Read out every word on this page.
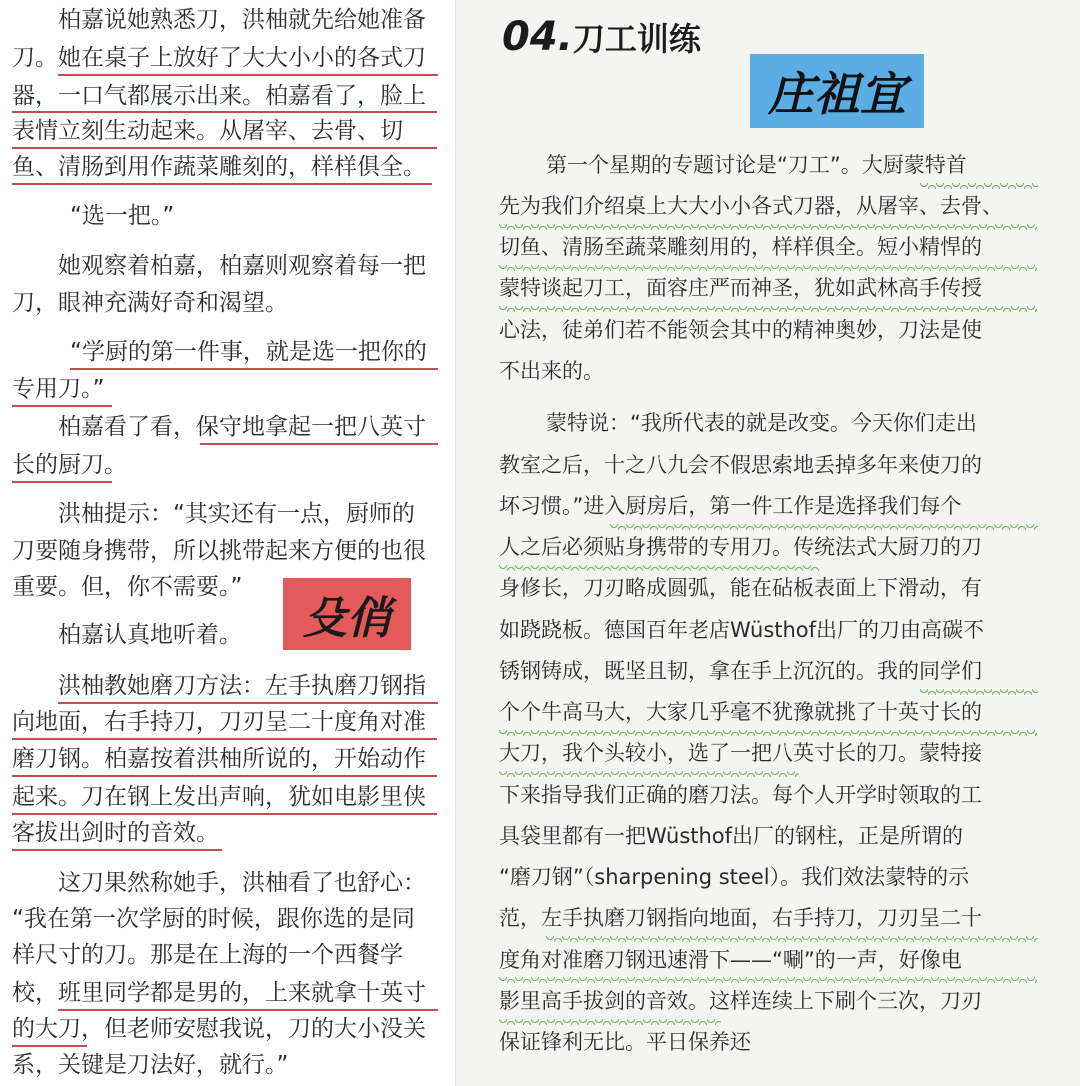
柏嘉说她熟悉刀，洪柚就先给她准备
刀。她在桌子上放好了大大小小的各式刀
器，一口气都展示出来。柏嘉看了，脸上
表情立刻生动起来。从屠宰、去骨、切
鱼、清肠到用作蔬菜雕刻的，样样俱全。
“选一把。”
她观察着柏嘉，柏嘉则观察着每一把
刀，眼神充满好奇和渴望。
“学厨的第一件事，就是选一把你的
专用刀。”
柏嘉看了看，保守地拿起一把八英寸
长的厨刀。
洪柚提示：“其实还有一点，厨师的
刀要随身携带，所以挑带起来方便的也很
重要。但，你不需要。”
柏嘉认真地听着。
洪柚教她磨刀方法：左手执磨刀钢指
向地面，右手持刀，刀刃呈二十度角对准
磨刀钢。柏嘉按着洪柚所说的，开始动作
起来。刀在钢上发出声响，犹如电影里侠
客拔出剑时的音效。
这刀果然称她手，洪柚看了也舒心：
“我在第一次学厨的时候，跟你选的是同
样尺寸的刀。那是在上海的一个西餐学
校，班里同学都是男的，上来就拿十英寸
的大刀，但老师安慰我说，刀的大小没关
系，关键是刀法好，就行。”
殳俏
04.刀工训练
庄祖宜
第一个星期的专题讨论是“刀工”。大厨蒙特首
先为我们介绍桌上大大小小各式刀器，从屠宰、去骨、
切鱼、清肠至蔬菜雕刻用的，样样俱全。短小精悍的
蒙特谈起刀工，面容庄严而神圣，犹如武林高手传授
心法，徒弟们若不能领会其中的精神奥妙，刀法是使
不出来的。
蒙特说：“我所代表的就是改变。今天你们走出
教室之后，十之八九会不假思索地丢掉多年来使刀的
坏习惯。”进入厨房后，第一件工作是选择我们每个
人之后必须贴身携带的专用刀。传统法式大厨刀的刀
身修长，刀刃略成圆弧，能在砧板表面上下滑动，有
如跷跷板。德国百年老店Wüsthof出厂的刀由高碳不
锈钢铸成，既坚且韧，拿在手上沉沉的。我的同学们
个个牛高马大，大家几乎毫不犹豫就挑了十英寸长的
大刀，我个头较小，选了一把八英寸长的刀。蒙特接
下来指导我们正确的磨刀法。每个人开学时领取的工
具袋里都有一把Wüsthof出厂的钢柱，正是所谓的
“磨刀钢”（sharpening steel）。我们效法蒙特的示
范，左手执磨刀钢指向地面，右手持刀，刀刃呈二十
度角对准磨刀钢迅速滑下——“唰”的一声，好像电
影里高手拔剑的音效。这样连续上下刷个三次，刀刃
保证锋利无比。平日保养还
